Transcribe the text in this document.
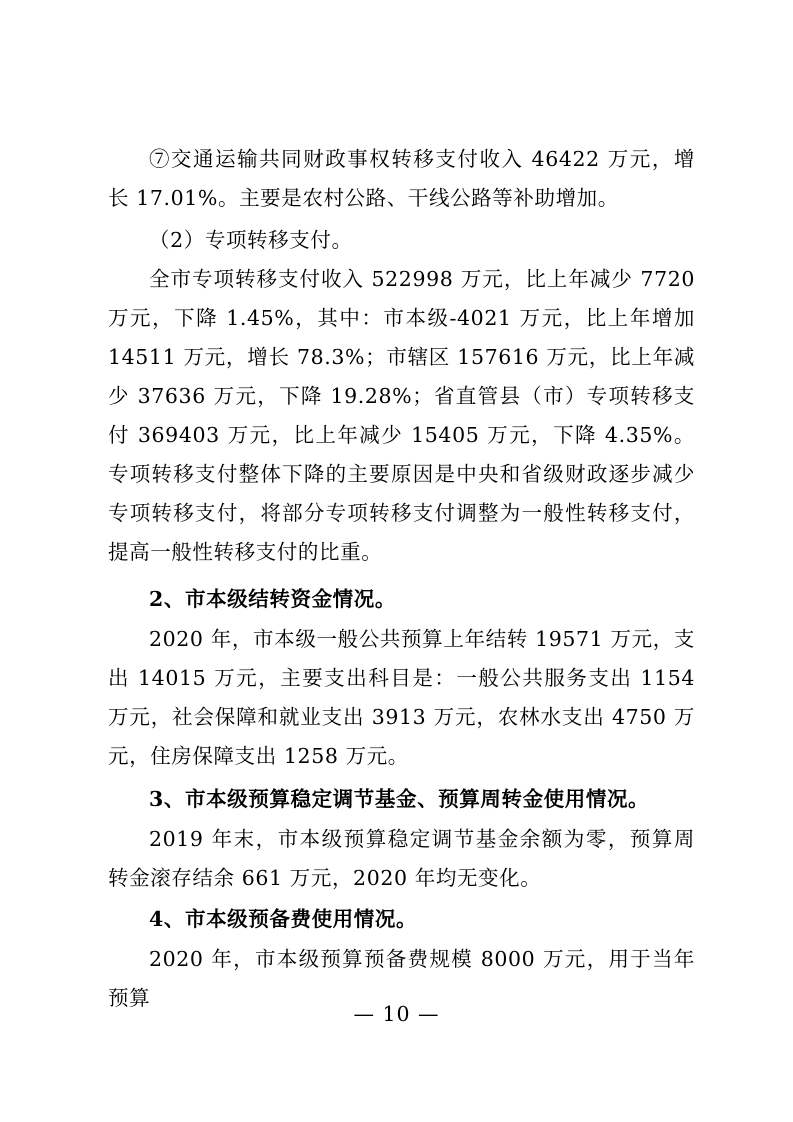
⑦交通运输共同财政事权转移支付收入 46422 万元，增长 17.01%。主要是农村公路、干线公路等补助增加。

（2）专项转移支付。

全市专项转移支付收入 522998 万元，比上年减少 7720 万元，下降 1.45%，其中：市本级-4021 万元，比上年增加 14511 万元，增长 78.3%；市辖区 157616 万元，比上年减少 37636 万元，下降 19.28%；省直管县（市）专项转移支付 369403 万元，比上年减少 15405 万元，下降 4.35%。专项转移支付整体下降的主要原因是中央和省级财政逐步减少专项转移支付，将部分专项转移支付调整为一般性转移支付，提高一般性转移支付的比重。

2、市本级结转资金情况。

2020 年，市本级一般公共预算上年结转 19571 万元，支出 14015 万元，主要支出科目是：一般公共服务支出 1154 万元，社会保障和就业支出 3913 万元，农林水支出 4750 万元，住房保障支出 1258 万元。

3、市本级预算稳定调节基金、预算周转金使用情况。

2019 年末，市本级预算稳定调节基金余额为零，预算周转金滚存结余 661 万元，2020 年均无变化。

4、市本级预备费使用情况。

2020 年，市本级预算预备费规模 8000 万元，用于当年预算

— 10 —
